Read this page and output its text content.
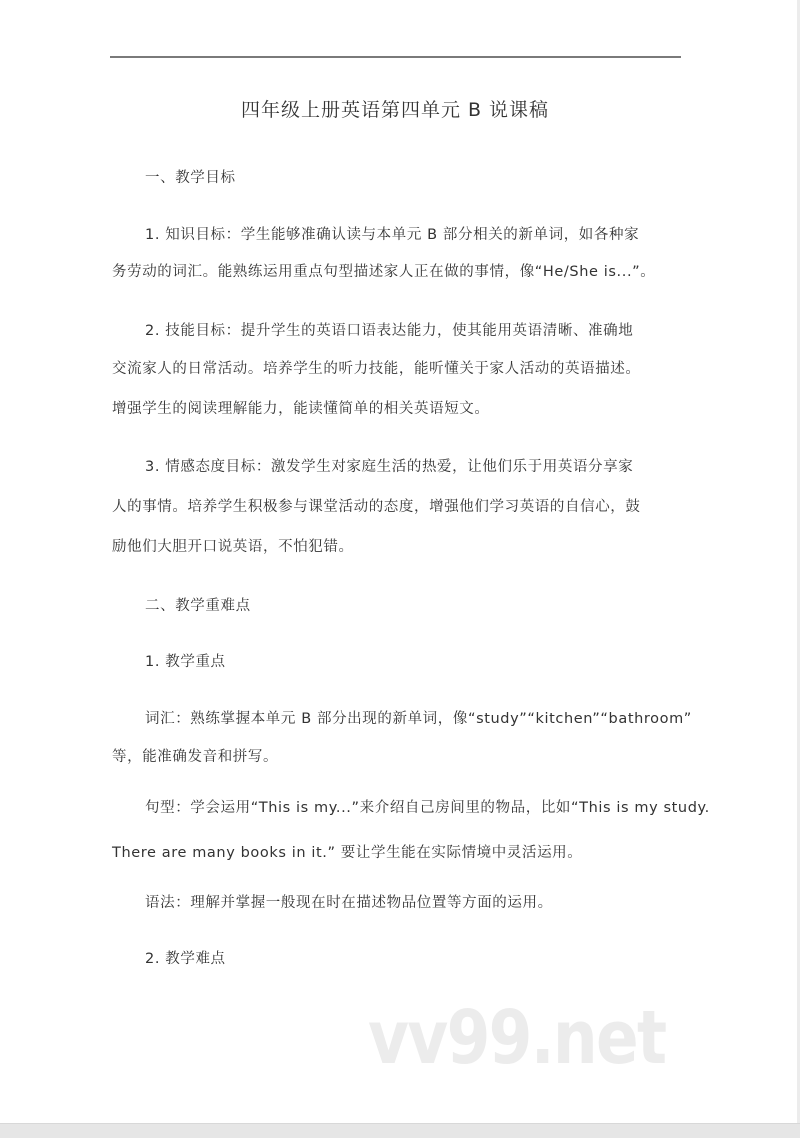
四年级上册英语第四单元 B 说课稿
一、教学目标
1. 知识目标：学生能够准确认读与本单元 B 部分相关的新单词，如各种家
务劳动的词汇。能熟练运用重点句型描述家人正在做的事情，像“He/She is...”。
2. 技能目标：提升学生的英语口语表达能力，使其能用英语清晰、准确地
交流家人的日常活动。培养学生的听力技能，能听懂关于家人活动的英语描述。
增强学生的阅读理解能力，能读懂简单的相关英语短文。
3. 情感态度目标：激发学生对家庭生活的热爱，让他们乐于用英语分享家
人的事情。培养学生积极参与课堂活动的态度，增强他们学习英语的自信心，鼓
励他们大胆开口说英语，不怕犯错。
二、教学重难点
1. 教学重点
词汇：熟练掌握本单元 B 部分出现的新单词，像“study”“kitchen”“bathroom”
等，能准确发音和拼写。
句型：学会运用“This is my...”来介绍自己房间里的物品，比如“This is my study.
There are many books in it.” 要让学生能在实际情境中灵活运用。
语法：理解并掌握一般现在时在描述物品位置等方面的运用。
2. 教学难点
vv99.net
